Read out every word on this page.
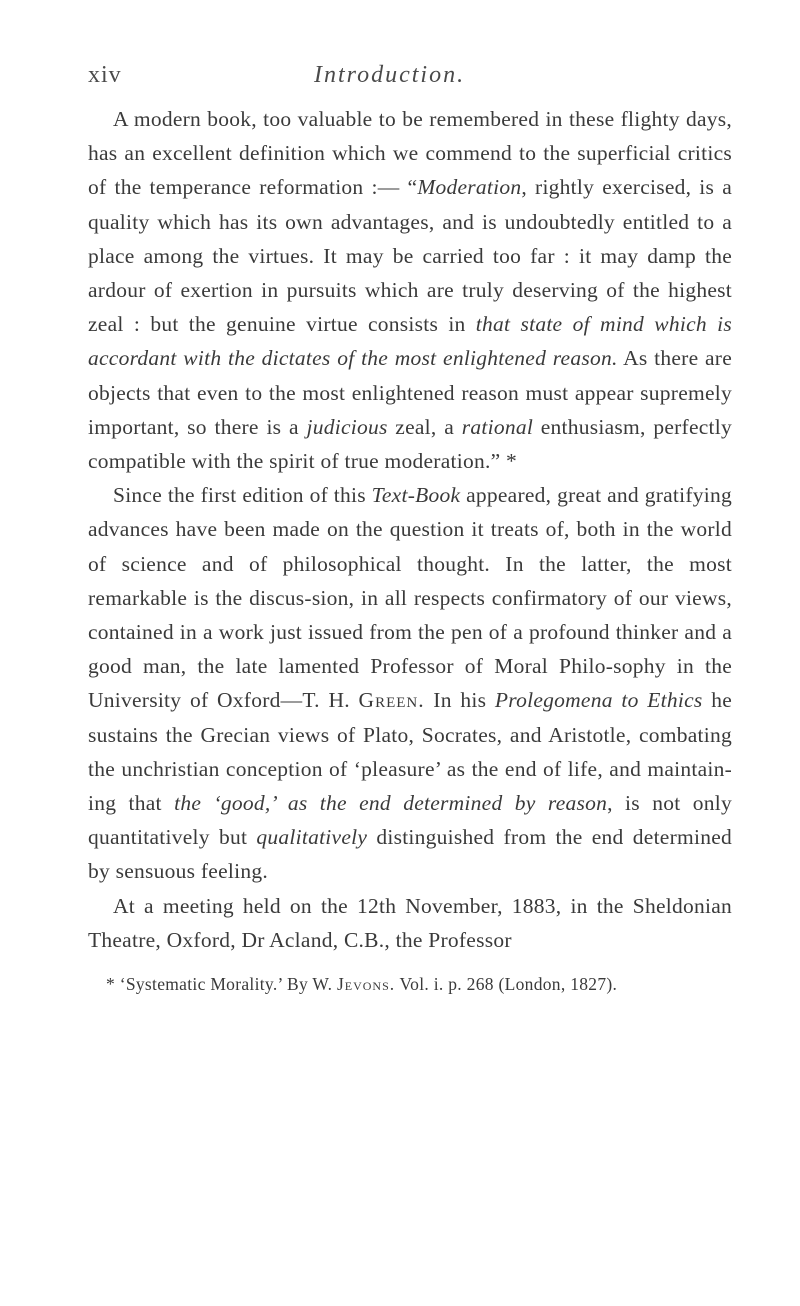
xiv	Introduction.

A modern book, too valuable to be remembered in these flighty days, has an excellent definition which we commend to the superficial critics of the temperance reformation :— “Moderation, rightly exercised, is a quality which has its own advantages, and is undoubtedly entitled to a place among the virtues. It may be carried too far : it may damp the ardour of exertion in pursuits which are truly deserving of the highest zeal : but the genuine virtue consists in that state of mind which is accordant with the dictates of the most enlightened reason. As there are objects that even to the most enlightened reason must appear supremely important, so there is a judicious zeal, a rational enthusiasm, perfectly compatible with the spirit of true moderation.” *

Since the first edition of this Text-Book appeared, great and gratifying advances have been made on the question it treats of, both in the world of science and of philosophical thought. In the latter, the most remarkable is the discus-sion, in all respects confirmatory of our views, contained in a work just issued from the pen of a profound thinker and a good man, the late lamented Professor of Moral Philo-sophy in the University of Oxford—T. H. Green. In his Prolegomena to Ethics he sustains the Grecian views of Plato, Socrates, and Aristotle, combating the unchristian conception of ‘pleasure’ as the end of life, and maintain-ing that the ‘good,’ as the end determined by reason, is not only quantitatively but qualitatively distinguished from the end determined by sensuous feeling.

At a meeting held on the 12th November, 1883, in the Sheldonian Theatre, Oxford, Dr Acland, C.B., the Professor

* ‘Systematic Morality.’ By W. Jevons. Vol. i. p. 268 (London, 1827).
